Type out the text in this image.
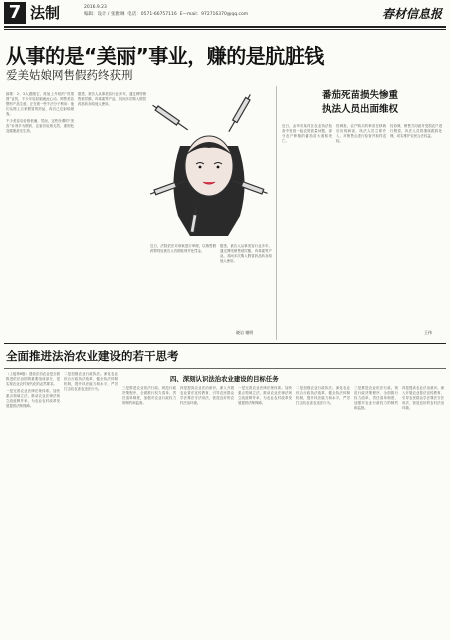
7 法制	2016.9.23
编辑：设计 / 张雅琳 电话：0571-66757116 E—mail：972716370@qq.com	春材信息报
从事的是“美丽”事业，赚的是肮脏钱
爱美姑娘网售假药终获刑

摘要：2、3人跟随它，再加上介绍的“效果图”宣传，不少年轻姑娘就此心动。网售美容整形产品生意，正在被一些不法分子利用：他们从网上买来假冒的药品，再自己注射给顾客。

不少美容店价格低廉，然而，这些所谓的“美容”针剂多为假药，注射后轻则无效，重则危及健康甚至生命。

据悉，被告人从事美容行业多年，通过网络销售玻尿酸、肉毒素等产品，其间多次购入假冒药品转卖给他人使用。

近日，法院依法对该案进行审理，以销售假药罪判处被告人有期徒刑并处罚金。

据悉，被告人从事美容行业多年，通过网络销售玻尿酸、肉毒素等产品，其间多次购入假冒药品转卖给他人使用。

晓岩 谢明
番茄死苗损失惨重
执法人员出面维权

近日，金华市某村区农业执法检查中发现一起农资质量问题，部分农户种植的番茄苗大面积死亡。

经调查，农户购买的种苗在移栽后出现病害，执法人员立即介入，对销售点进行检查并取样送检。

经协调，销售方同意对受损农户进行赔偿，执法人员将继续跟踪处理，切实维护农民合法权益。

王伟
全面推进法治农业建设的若干思考
四、深刻认识法治农业建设的目标任务

（上接第6版）建设法治农业是全面推进依法治国的重要组成部分，是实现农业农村现代化的必然要求。

一是完善农业法律法规体系。加快重点领域立法，推动农业法律法规立改废释并举，为农业农村改革发展提供法制保障。

二是加强农业行政执法。深化农业综合行政执法改革，健全执法体制机制，提升执法能力和水平，严厉打击坑农害农违法行为。	三是推进农业依法行政。规范行政决策程序，全面推行权力清单、责任清单制度，加强对农业行政权力的制约和监督。

四是提高农业法治意识。深入开展农业普法宣传教育，引导农民群众学法尊法守法用法，营造良好的农村法治环境。

一是完善农业法律法规体系。加快重点领域立法，推动农业法律法规立改废释并举，为农业农村改革发展提供法制保障。

二是加强农业行政执法。深化农业综合行政执法改革，健全执法体制机制，提升执法能力和水平，严厉打击坑农害农违法行为。

三是推进农业依法行政。规范行政决策程序，全面推行权力清单、责任清单制度，加强对农业行政权力的制约和监督。

四是提高农业法治意识。深入开展农业普法宣传教育，引导农民群众学法尊法守法用法，营造良好的农村法治环境。
